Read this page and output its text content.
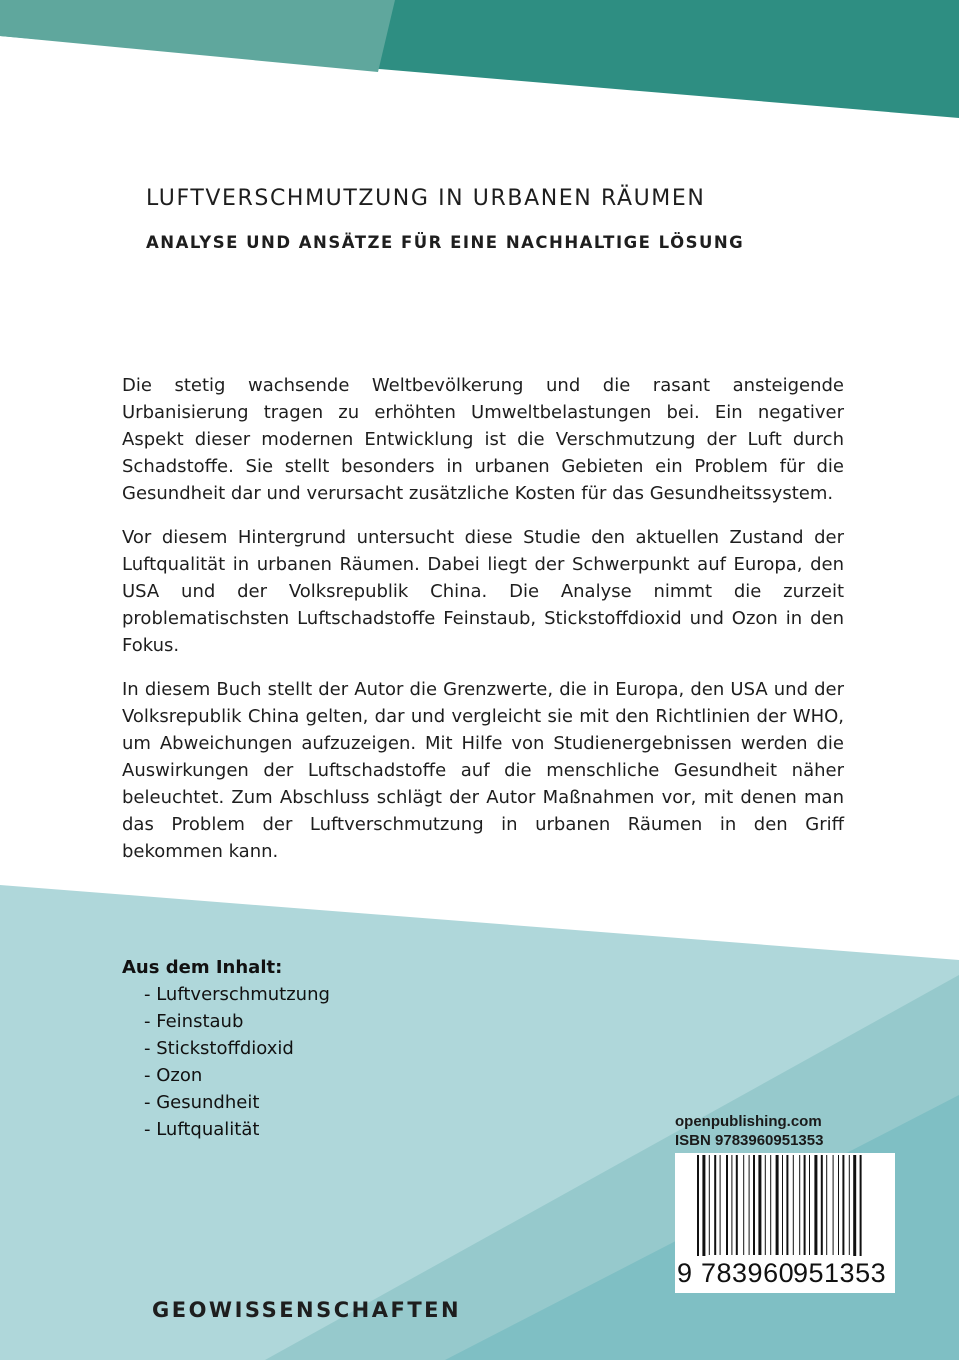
LUFTVERSCHMUTZUNG IN URBANEN RÄUMEN
ANALYSE UND ANSÄTZE FÜR EINE NACHHALTIGE LÖSUNG

Die stetig wachsende Weltbevölkerung und die rasant ansteigende Urbanisierung tragen zu erhöhten Umweltbelastungen bei. Ein negativer Aspekt dieser modernen Entwicklung ist die Verschmutzung der Luft durch Schadstoffe. Sie stellt besonders in urbanen Gebieten ein Problem für die Gesundheit dar und verursacht zusätzliche Kosten für das Gesundheitssystem.

Vor diesem Hintergrund untersucht diese Studie den aktuellen Zustand der Luftqualität in urbanen Räumen. Dabei liegt der Schwerpunkt auf Europa, den USA und der Volksrepublik China. Die Analyse nimmt die zurzeit problematischsten Luftschadstoffe Feinstaub, Stickstoffdioxid und Ozon in den Fokus.

In diesem Buch stellt der Autor die Grenzwerte, die in Europa, den USA und der Volksrepublik China gelten, dar und vergleicht sie mit den Richtlinien der WHO, um Abweichungen aufzuzeigen. Mit Hilfe von Studienergebnissen werden die Auswirkungen der Luftschadstoffe auf die menschliche Gesundheit näher beleuchtet. Zum Abschluss schlägt der Autor Maßnahmen vor, mit denen man das Problem der Luftverschmutzung in urbanen Räumen in den Griff bekommen kann.

Aus dem Inhalt:
- Luftverschmutzung
- Feinstaub
- Stickstoffdioxid
- Ozon
- Gesundheit
- Luftqualität	openpublishing.com
ISBN 9783960951353
9 783960
951353
GEOWISSENSCHAFTEN
